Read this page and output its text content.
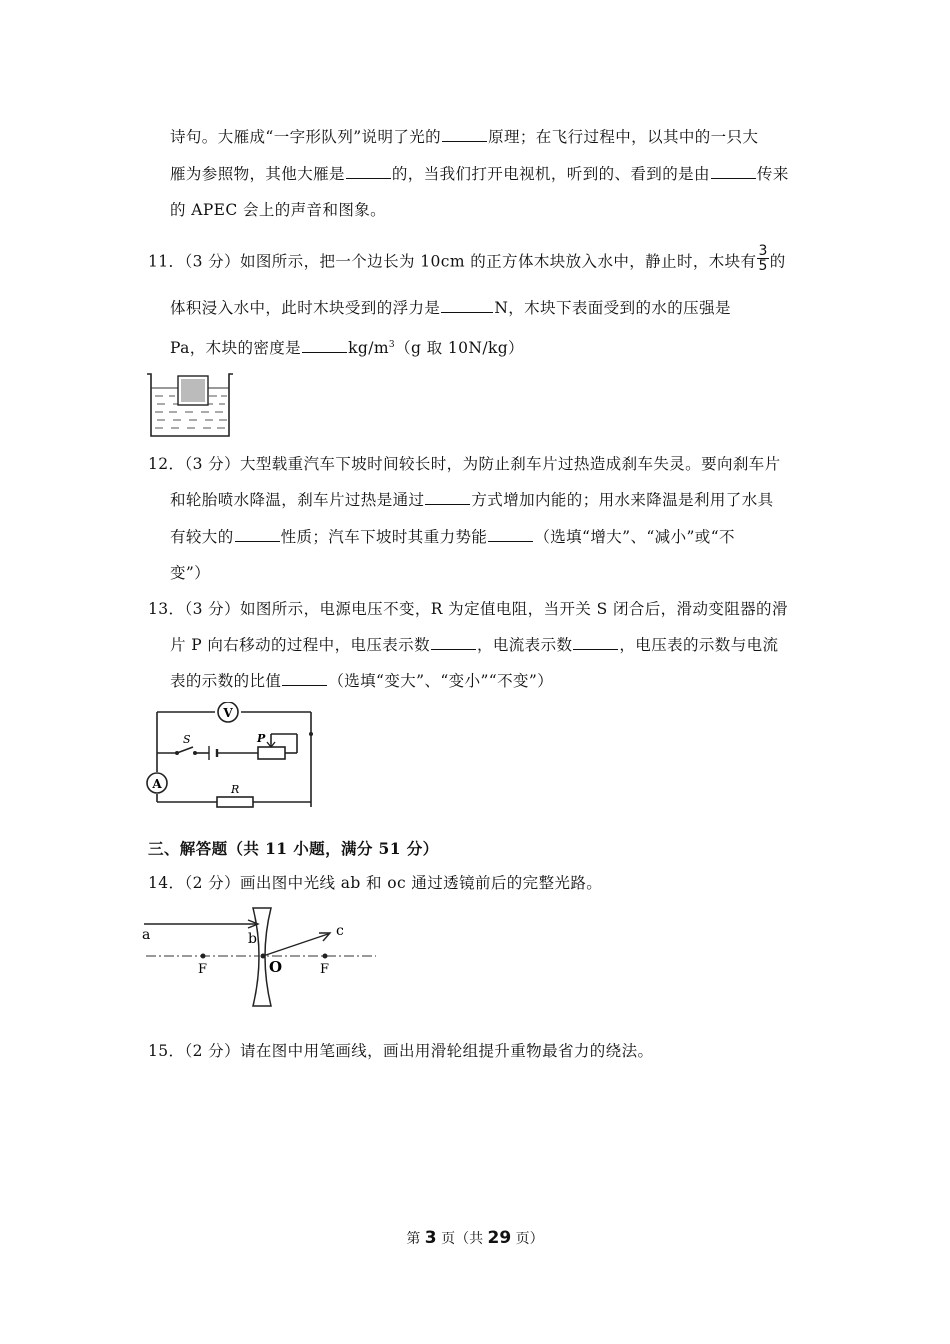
诗句。大雁成“一字形队列”说明了光的	原理；在飞行过程中，以其中的一只大
雁为参照物，其他大雁是	的，当我们打开电视机，听到的、看到的是由	传来
的 APEC 会上的声音和图象。
11．（3 分）如图所示，把一个边长为 10cm 的正方体木块放入水中，静止时，木块有 $\frac{3}{5}$ 的
体积浸入水中，此时木块受到的浮力是	N，木块下表面受到的水的压强是
Pa，木块的密度是	$kg/m^3(g$ 取 10N/kg）
12．（3 分）大型载重汽车下坡时间较长时，为防止刹车片过热造成刹车失灵。要向刹车片
和轮胎喷水降温，刹车片过热是通过	方式增加内能的；用水来降温是利用了水具
有较大的	性质；汽车下坡时其重力势能	（选填“增大”、“减小”或“不
变”）
13．（3 分）如图所示，电源电压不变，R 为定值电阻，当开关 S 闭合后，滑动变阻器的滑
片 P 向右移动的过程中，电压表示数	，电流表示数	，电压表的示数与电流
表的示数的比值	（选填“变大”、“变小”“不变”）
V
A
S	P
R
三、解答题（共 11 小题，满分 51 分）
14．（2 分）画出图中光线 ab 和 oc 通过透镜前后的完整光路。
a	b	c
O
F	F
15．（2 分）请在图中用笔画线，画出用滑轮组提升重物最省力的绕法。
第 3 页（共 29 页）
